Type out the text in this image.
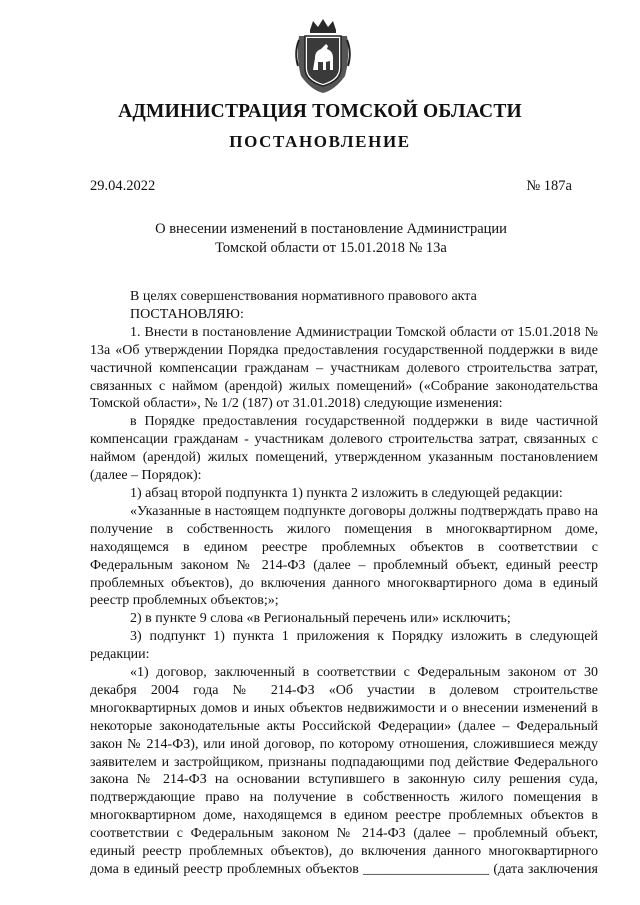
АДМИНИСТРАЦИЯ ТОМСКОЙ ОБЛАСТИ
ПОСТАНОВЛЕНИЕ
29.04.2022	№ 187а
О внесении изменений в постановление Администрации
Томской области от 15.01.2018 № 13а

В целях совершенствования нормативного правового акта

ПОСТАНОВЛЯЮ:

1. Внести в постановление Администрации Томской области от 15.01.2018 № 13а «Об утверждении Порядка предоставления государственной поддержки в виде частичной компенсации гражданам – участникам долевого строительства затрат, связанных с наймом (арендой) жилых помещений» («Собрание законодательства Томской области», № 1/2 (187) от 31.01.2018) следующие изменения:

в Порядке предоставления государственной поддержки в виде частичной компенсации гражданам - участникам долевого строительства затрат, связанных с наймом (арендой) жилых помещений, утвержденном указанным постановлением (далее – Порядок):

1) абзац второй подпункта 1) пункта 2 изложить в следующей редакции:

«Указанные в настоящем подпункте договоры должны подтверждать право на получение в собственность жилого помещения в многоквартирном доме, находящемся в едином реестре проблемных объектов в соответствии с Федеральным законом № 214-ФЗ (далее – проблемный объект, единый реестр проблемных объектов), до включения данного многоквартирного дома в единый реестр проблемных объектов;»;

2) в пункте 9 слова «в Региональный перечень или» исключить;

3) подпункт 1) пункта 1 приложения к Порядку изложить в следующей редакции:

«1) договор, заключенный в соответствии с Федеральным законом от 30 декабря 2004 года № 214-ФЗ «Об участии в долевом строительстве многоквартирных домов и иных объектов недвижимости и о внесении изменений в некоторые законодательные акты Российской Федерации» (далее – Федеральный закон № 214-ФЗ), или иной договор, по которому отношения, сложившиеся между заявителем и застройщиком, признаны подпадающими под действие Федерального закона № 214-ФЗ на основании вступившего в законную силу решения суда, подтверждающие право на получение в собственность жилого помещения в многоквартирном доме, находящемся в едином реестре проблемных объектов в соответствии с Федеральным законом № 214-ФЗ (далее – проблемный объект, единый реестр проблемных объектов), до включения данного многоквартирного дома в единый реестр проблемных объектов __________________ (дата заключения
